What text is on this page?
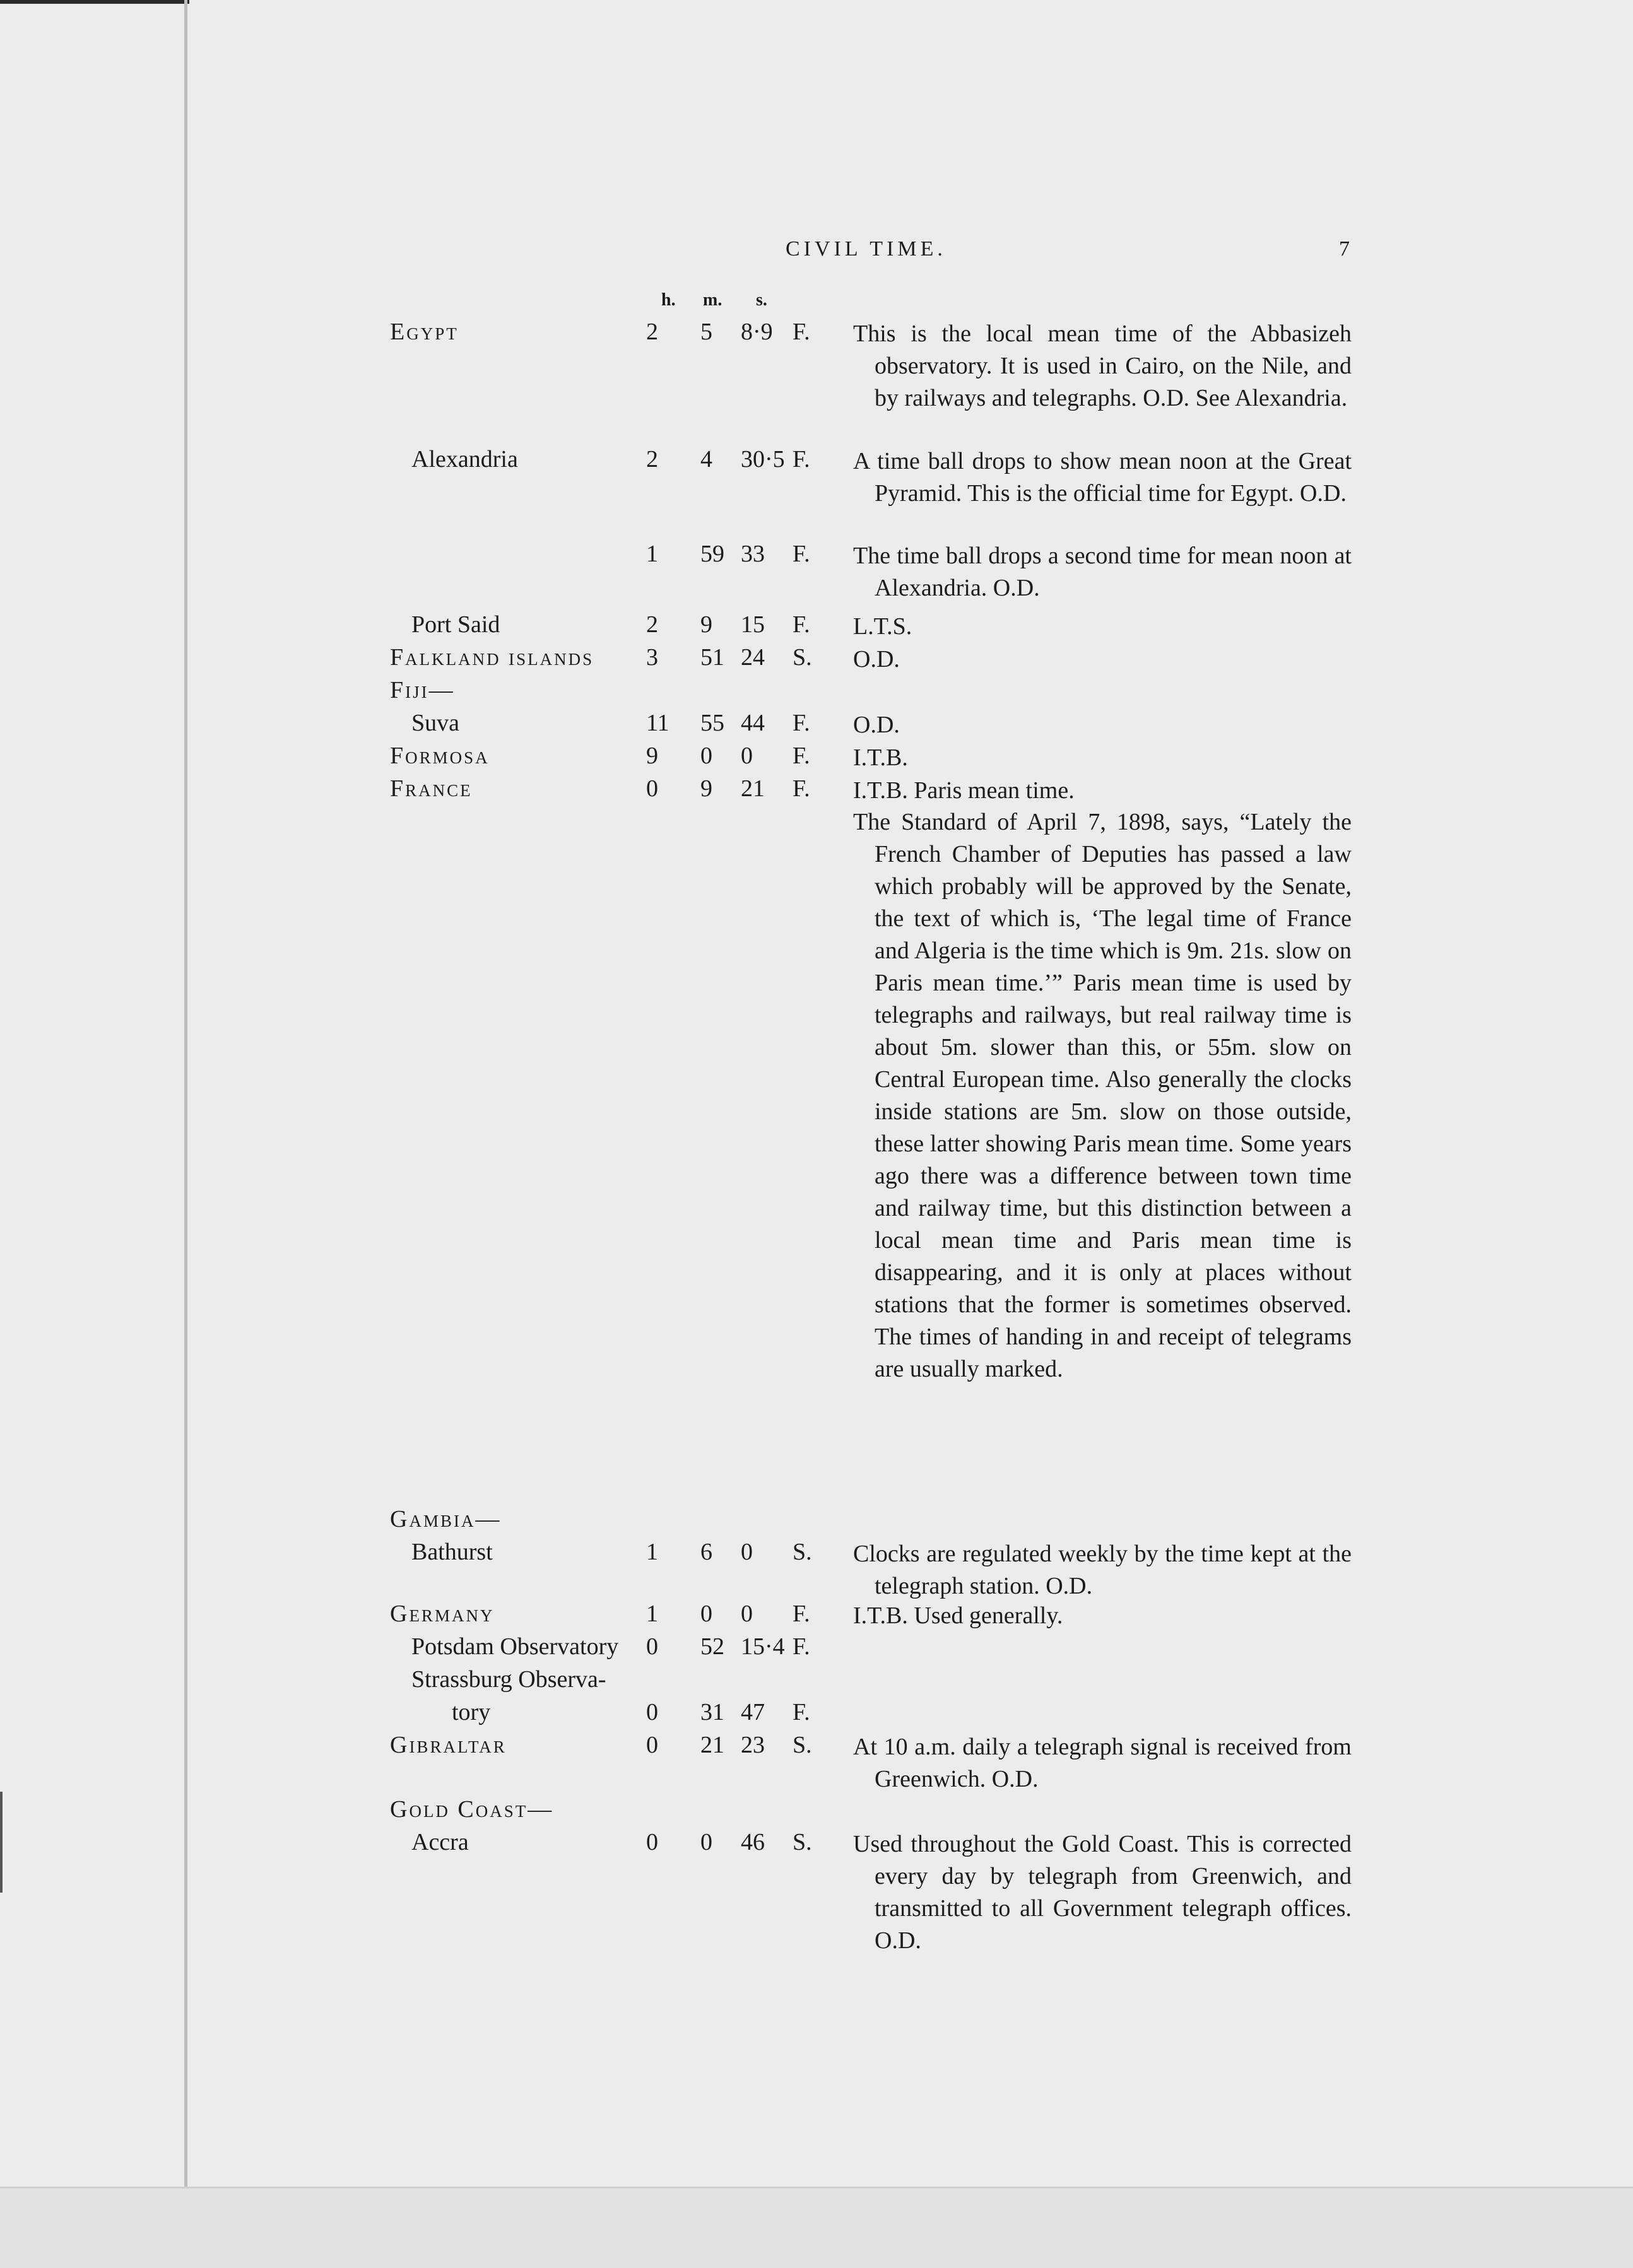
CIVIL TIME.	7
h. m. s.
Egypt	2 5 8·9 F. This is the local mean time of the Abbasizeh observatory. It is used in Cairo, on the Nile, and by railways and telegraphs. O.D. See Alexandria.
Alexandria	2 4 30·5 F. A time ball drops to show mean noon at the Great Pyramid. This is the official time for Egypt. O.D.
1 59 33 F. The time ball drops a second time for mean noon at Alexandria. O.D.
Port Said	2 9 15 F. L.T.S.
Falkland islands 3 51 24 S. O.D.
Fiji—
Suva	11 55 44 F. O.D.
Formosa	9 0 0 F. I.T.B.
France	0 9 21 F. I.T.B. Paris mean time.
The Standard of April 7, 1898, says, “Lately the French Chamber of Deputies has passed a law which probably will be approved by the Senate, the text of which is, ‘The legal time of France and Algeria is the time which is 9m. 21s. slow on Paris mean time.’” Paris mean time is used by telegraphs and railways, but real railway time is about 5m. slower than this, or 55m. slow on Central European time. Also generally the clocks inside stations are 5m. slow on those outside, these latter showing Paris mean time. Some years ago there was a difference between town time and railway time, but this distinction between a local mean time and Paris mean time is disappearing, and it is only at places without stations that the former is sometimes observed. The times of handing in and receipt of telegrams are usually marked.
Gambia—
Bathurst	1 6 0 S. Clocks are regulated weekly by the time kept at the telegraph station. O.D.
Germany	1 0 0 F. I.T.B. Used generally.
Potsdam Observatory 0 52 15·4 F.
Strassburg Observa-
tory	0 31 47 F.
Gibraltar	0 21 23 S. At 10 a.m. daily a telegraph signal is received from Greenwich. O.D.
Gold Coast—
Accra	0 0 46 S. Used throughout the Gold Coast. This is corrected every day by telegraph from Greenwich, and transmitted to all Government telegraph offices. O.D.
